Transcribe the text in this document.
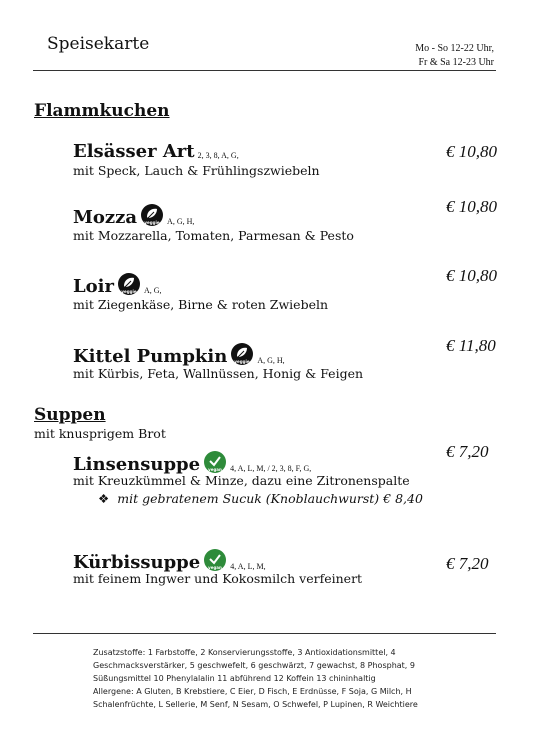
Speisekarte	Mo - So 12-22 Uhr,
Fr & Sa 12-23 Uhr
Flammkuchen
Elsässer Art 2, 3, 8, A, G,
mit Speck, Lauch & Frühlingszwiebeln
€ 10,80
Mozza veggie A, G, H,
mit Mozzarella, Tomaten, Parmesan & Pesto
€ 10,80
Loir veggie A, G,
mit Ziegenkäse, Birne & roten Zwiebeln
€ 10,80
Kittel Pumpkin veggie A, G, H,
mit Kürbis, Feta, Wallnüssen, Honig & Feigen
€ 11,80
Suppen
mit knusprigem Brot
Linsensuppe vegan 4, A, L, M, / 2, 3, 8, F, G,
mit Kreuzkümmel & Minze, dazu eine Zitronenspalte
❖ mit gebratenem Sucuk (Knoblauchwurst) € 8,40
€ 7,20
Kürbissuppe vegan 4, A, L, M,
mit feinem Ingwer und Kokosmilch verfeinert
€ 7,20
Zusatzstoffe: 1 Farbstoffe, 2 Konservierungsstoffe, 3 Antioxidationsmittel, 4
Geschmacksverstärker, 5 geschwefelt, 6 geschwärzt, 7 gewachst, 8 Phosphat, 9
Süßungsmittel 10 Phenylalalin 11 abführend 12 Koffein 13 chininhaltig
Allergene: A Gluten, B Krebstiere, C Eier, D Fisch, E Erdnüsse, F Soja, G Milch, H
Schalenfrüchte, L Sellerie, M Senf, N Sesam, O Schwefel, P Lupinen, R Weichtiere
